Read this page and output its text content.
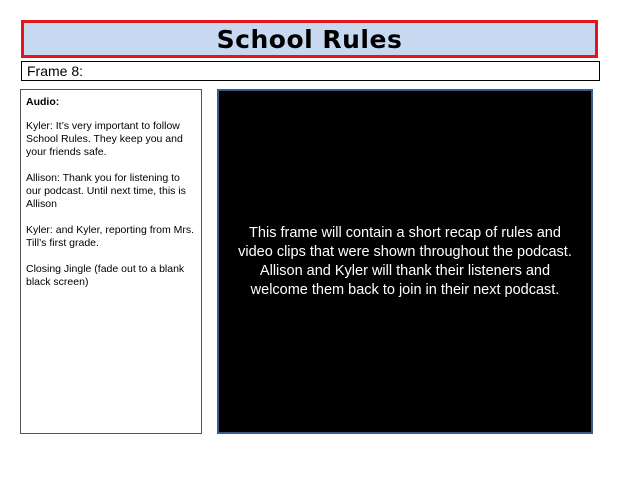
School Rules
Frame 8:

Audio:

Kyler: It’s very important to follow School Rules. They keep you and your friends safe.

Allison: Thank you for listening to our podcast. Until next time, this is Allison

Kyler: and Kyler, reporting from Mrs. Till’s first grade.

Closing Jingle (fade out to a blank black screen)

This frame will contain a short recap of rules and video clips that were shown throughout the podcast. Allison and Kyler will thank their listeners and welcome them back to join in their next podcast.
